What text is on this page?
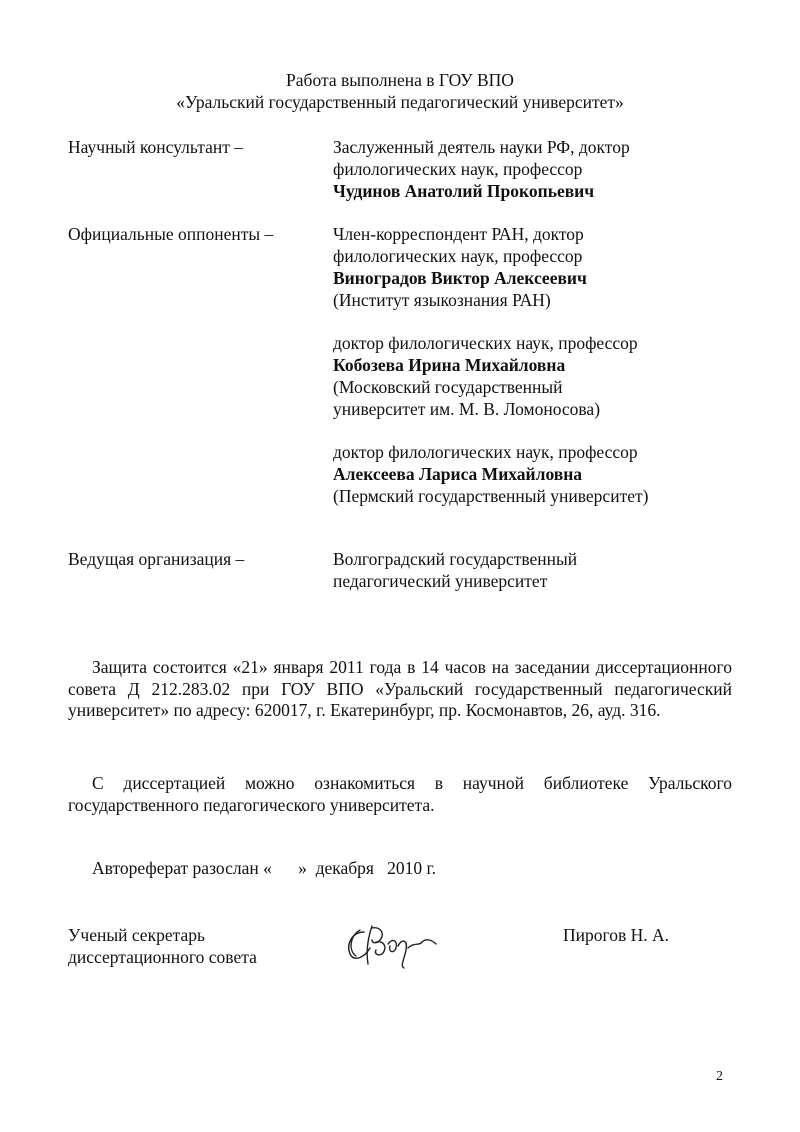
Работа выполнена в ГОУ ВПО
«Уральский государственный педагогический университет»
Научный консультант –	Заслуженный деятель науки РФ, доктор
филологических наук, профессор
Чудинов Анатолий Прокопьевич
Официальные оппоненты –	Член-корреспондент РАН, доктор
филологических наук, профессор
Виноградов Виктор Алексеевич
(Институт языкознания РАН)
доктор филологических наук, профессор
Кобозева Ирина Михайловна
(Московский государственный
университет им. М. В. Ломоносова)
доктор филологических наук, профессор
Алексеева Лариса Михайловна
(Пермский государственный университет)
Ведущая организация –	Волгоградский государственный
педагогический университет
Защита состоится «21» января 2011 года в 14 часов на заседании диссертационного совета Д 212.283.02 при ГОУ ВПО «Уральский государственный педагогический университет» по адресу: 620017, г. Екатеринбург, пр. Космонавтов, 26, ауд. 316.
С диссертацией можно ознакомиться в научной библиотеке Уральского государственного педагогического университета.
Автореферат разослан «      »  декабря   2010 г.
Ученый секретарь
диссертационного совета
Пирогов Н. А.
2
